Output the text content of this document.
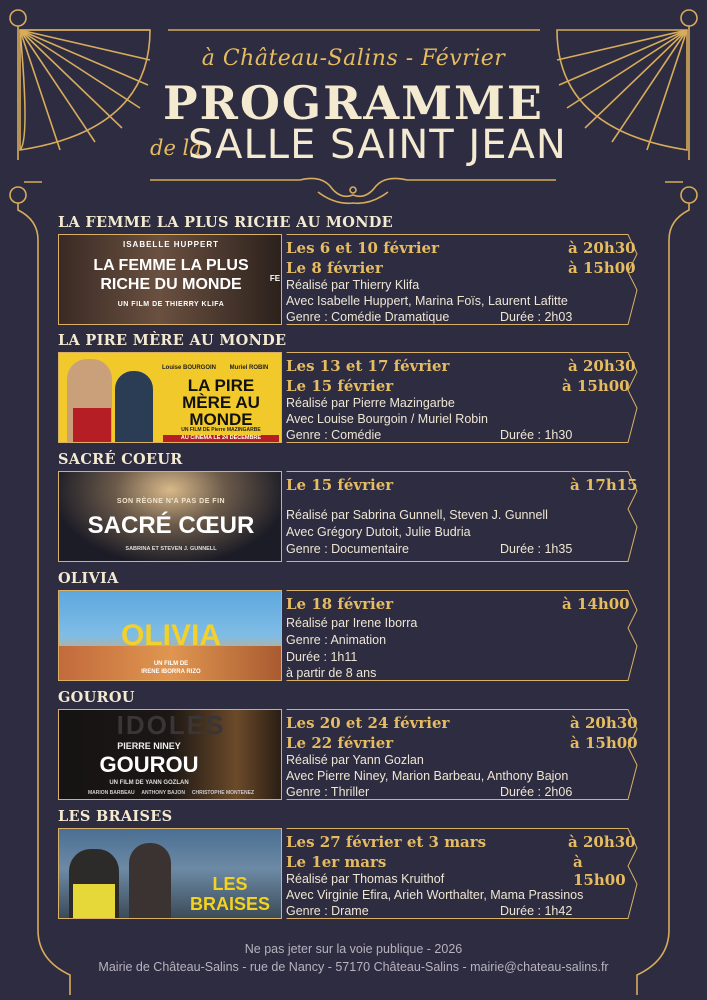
à Château-Salins - Février
PROGRAMME
de la
SALLE SAINT JEAN
LA FEMME LA PLUS RICHE AU MONDE
ISABELLE HUPPERT
LA FEMME LA PLUS
RICHE DU MONDE
UN FILM DE THIERRY KLIFA
FE
Les 6 et 10 février	à 20h30
Le 8 février	à 15h00
Réalisé par Thierry Klifa
Avec Isabelle Huppert, Marina Foïs, Laurent Lafitte
Genre : Comédie Dramatique	Durée : 2h03
LA PIRE MÈRE AU MONDE
Louise BOURGOIN	Muriel ROBIN
LA PIRE
MÈRE AU
MONDE
UN FILM DE Pierre MAZINGARBE
AU CINÉMA LE 24 DÉCEMBRE
Les 13 et 17 février	à 20h30
Le 15 février	à 15h00
Réalisé par Pierre Mazingarbe
Avec Louise Bourgoin / Muriel Robin
Genre : Comédie	Durée : 1h30
SACRÉ COEUR
SON RÈGNE N'A PAS DE FIN
SACRÉ CŒUR
SABRINA ET STEVEN J. GUNNELL
Le 15 février	à 17h15
Réalisé par Sabrina Gunnell, Steven J. Gunnell
Avec Grégory Dutoit, Julie Budria
Genre : Documentaire	Durée : 1h35
OLIVIA
OLIVIA
UN FILM DE
IRENE IBORRA RIZO
Le 18 février	à 14h00
Réalisé par Irene Iborra
Genre : Animation
Durée : 1h11
à partir de 8 ans
GOUROU
IDOLES
PIERRE NINEY
GOUROU
UN FILM DE YANN GOZLAN
MARION BARBEAU     ANTHONY BAJON     CHRISTOPHE MONTENEZ
Les 20 et 24 février	à 20h30
Le 22 février	à 15h00
Réalisé par Yann Gozlan
Avec Pierre Niney, Marion Barbeau, Anthony Bajon
Genre : Thriller	Durée : 2h06
LES BRAISES
LES
BRAISES
Les 27 février et 3 mars	à 20h30
Le 1er mars	à 15h00
Réalisé par Thomas Kruithof
Avec Virginie Efira, Arieh Worthalter, Mama Prassinos
Genre : Drame	Durée : 1h42
Ne pas jeter sur la voie publique - 2026
Mairie de Château-Salins - rue de Nancy - 57170 Château-Salins - mairie@chateau-salins.fr
